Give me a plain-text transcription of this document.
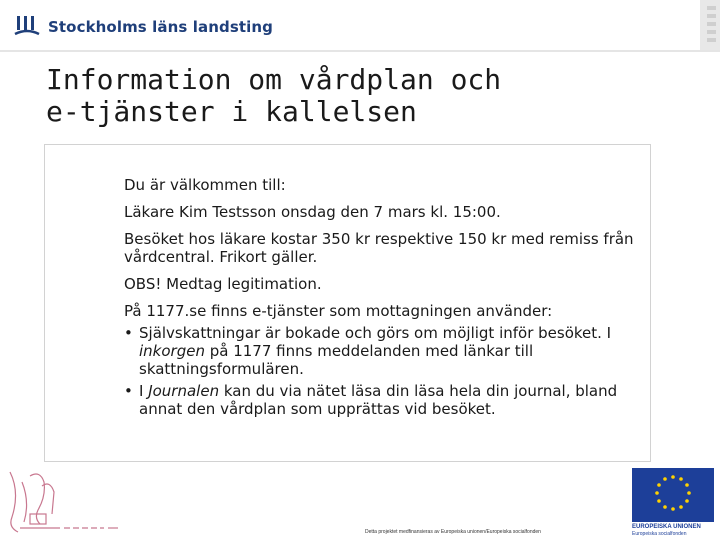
Stockholms läns landsting
Information om vårdplan och
e-tjänster i kallelsen

Du är välkommen till:

Läkare Kim Testsson onsdag den 7 mars kl. 15:00.

Besöket hos läkare kostar 350 kr respektive 150 kr med remiss från vårdcentral. Frikort gäller.

OBS! Medtag legitimation.

På 1177.se finns e-tjänster som mottagningen använder:

• Självskattningar är bokade och görs om möjligt inför besöket. I inkorgen på 1177 finns meddelanden med länkar till skattningsformulären.
• I Journalen kan du via nätet läsa din läsa hela din journal, bland annat den vårdplan som upprättas vid besöket.
EUROPEISKA UNIONEN
Europeiska socialfonden
Detta projektet medfinansieras av Europeiska unionen/Europeiska socialfonden
